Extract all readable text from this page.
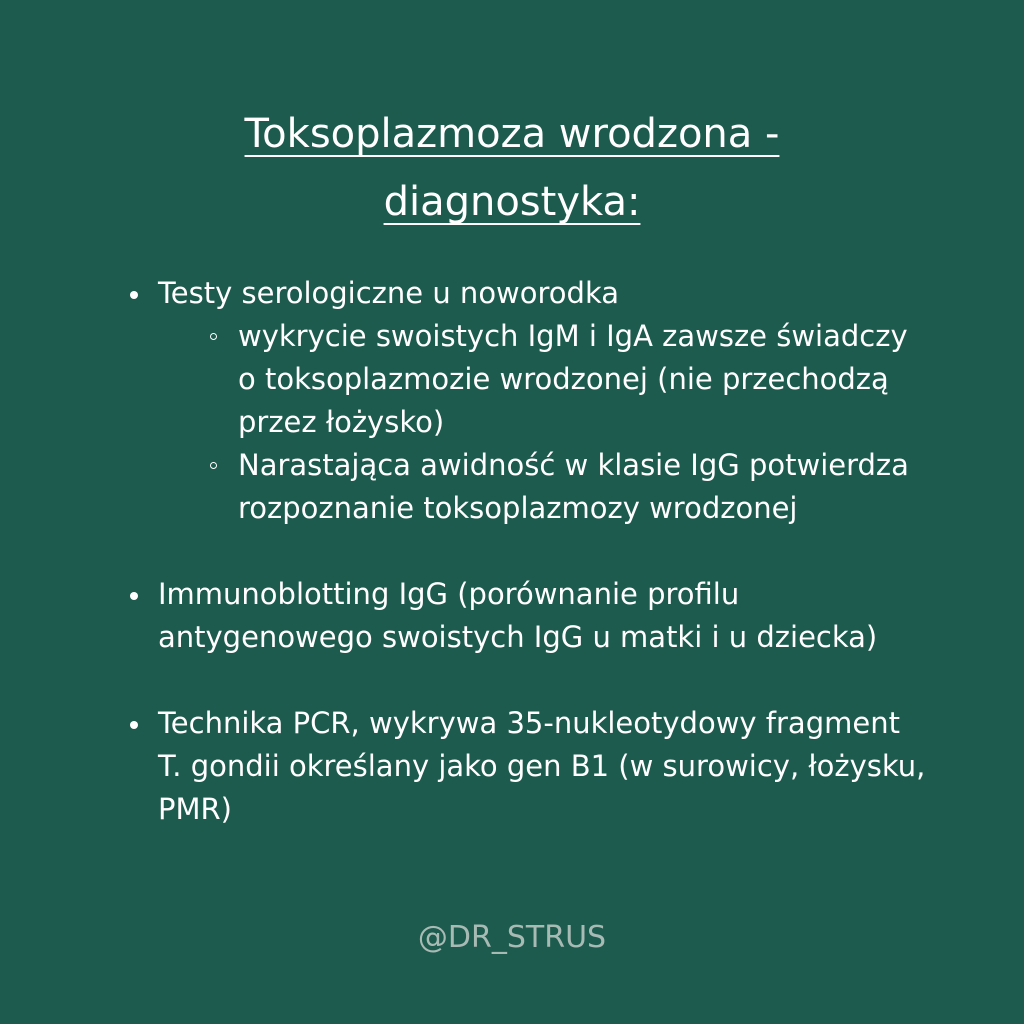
Toksoplazmoza wrodzona -
diagnostyka:
Testy serologiczne u noworodka
wykrycie swoistych IgM i IgA zawsze świadczy o toksoplazmozie wrodzonej (nie przechodzą przez łożysko)
Narastająca awidność w klasie IgG potwierdza rozpoznanie toksoplazmozy wrodzonej
Immunoblotting IgG (porównanie profilu antygenowego swoistych IgG u matki i u dziecka)
Technika PCR, wykrywa 35-nukleotydowy fragment T. gondii określany jako gen B1 (w surowicy, łożysku, PMR)
@DR_STRUS
